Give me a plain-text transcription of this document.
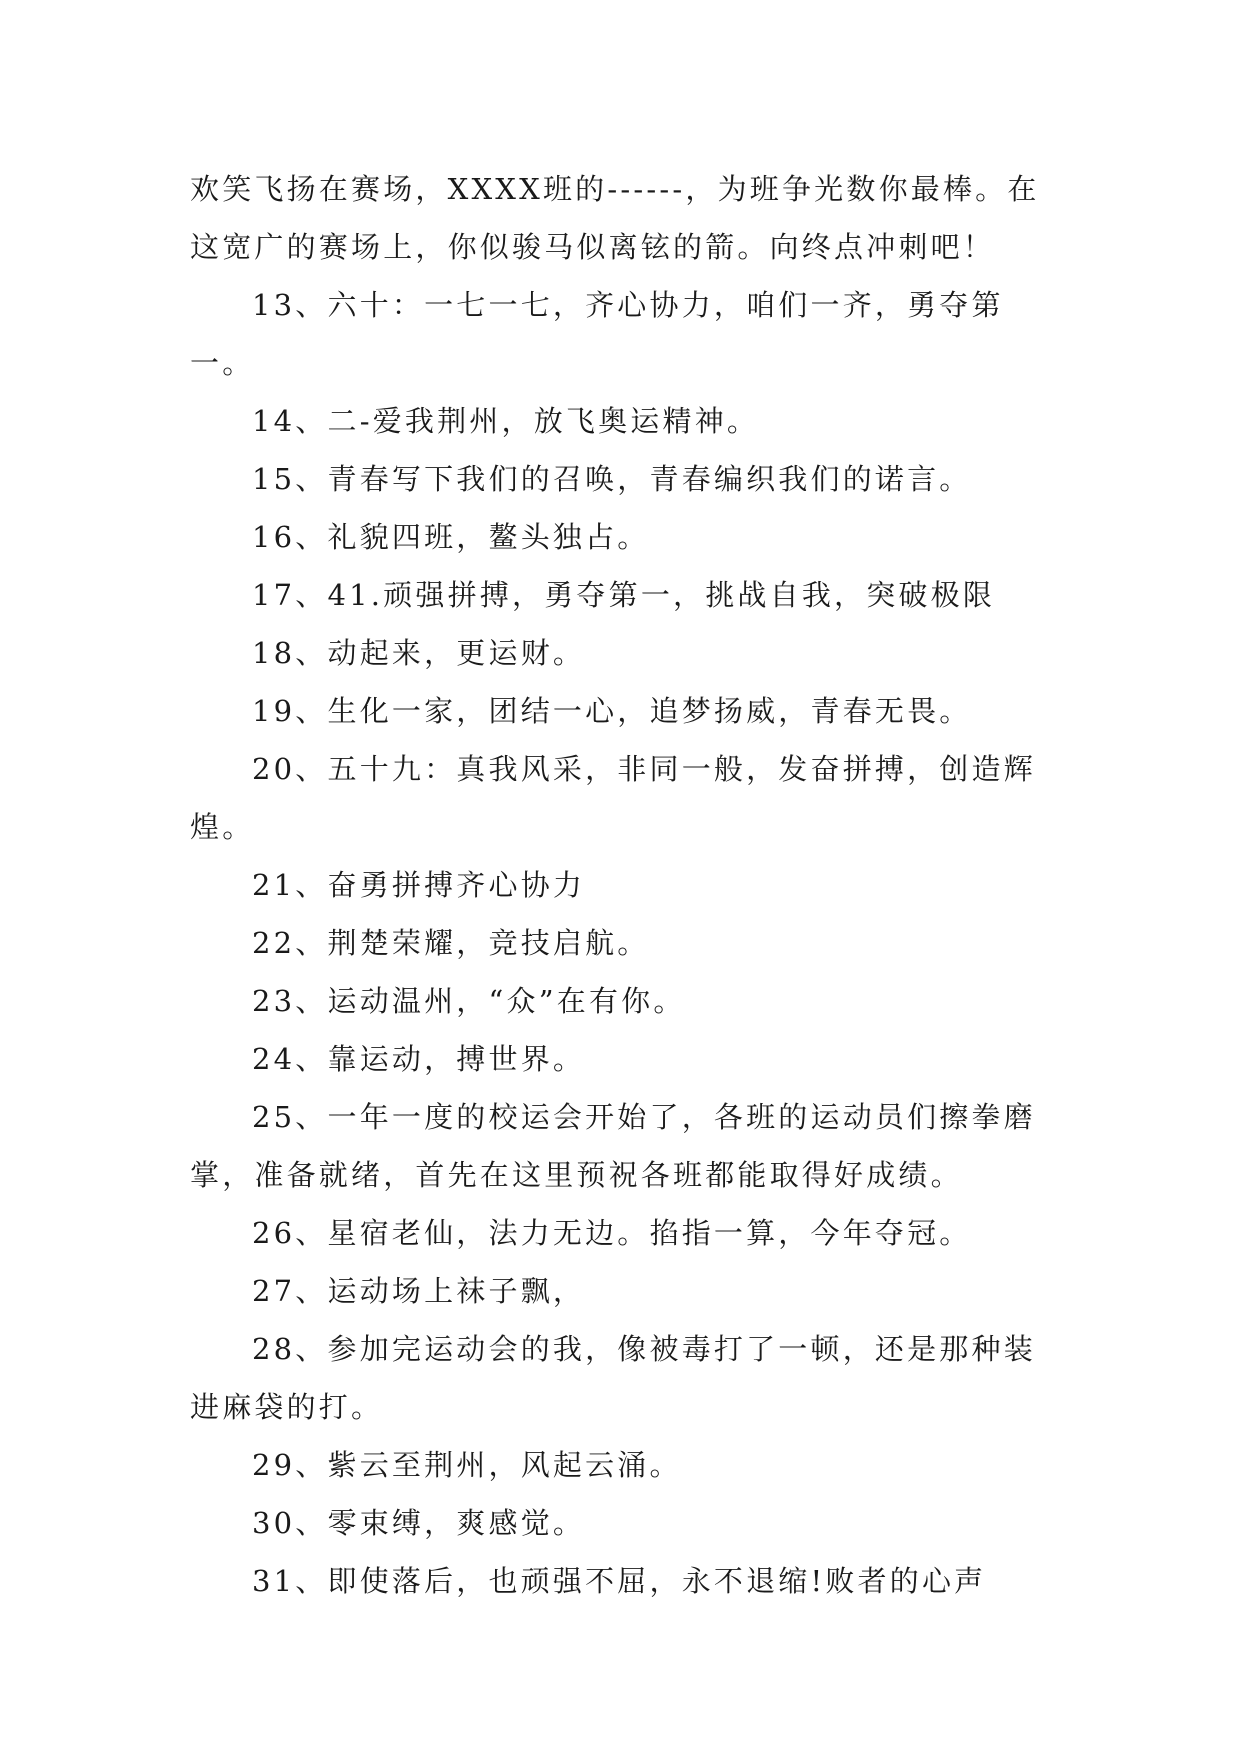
欢笑飞扬在赛场，XXXX班的------，为班争光数你最棒。在这宽广的赛场上，你似骏马似离铉的箭。向终点冲刺吧！

13、六十：一七一七，齐心协力，咱们一齐，勇夺第一。

14、二-爱我荆州，放飞奥运精神。

15、青春写下我们的召唤，青春编织我们的诺言。

16、礼貌四班，鳌头独占。

17、41.顽强拼搏，勇夺第一，挑战自我，突破极限

18、动起来，更运财。

19、生化一家，团结一心，追梦扬威，青春无畏。

20、五十九：真我风采，非同一般，发奋拼搏，创造辉煌。

21、奋勇拼搏齐心协力

22、荆楚荣耀，竞技启航。

23、运动温州，“众”在有你。

24、靠运动，搏世界。

25、一年一度的校运会开始了，各班的运动员们擦拳磨掌，准备就绪，首先在这里预祝各班都能取得好成绩。

26、星宿老仙，法力无边。掐指一算，今年夺冠。

27、运动场上袜子飘，

28、参加完运动会的我，像被毒打了一顿，还是那种装进麻袋的打。

29、紫云至荆州，风起云涌。

30、零束缚，爽感觉。

31、即使落后，也顽强不屈，永不退缩!败者的心声
